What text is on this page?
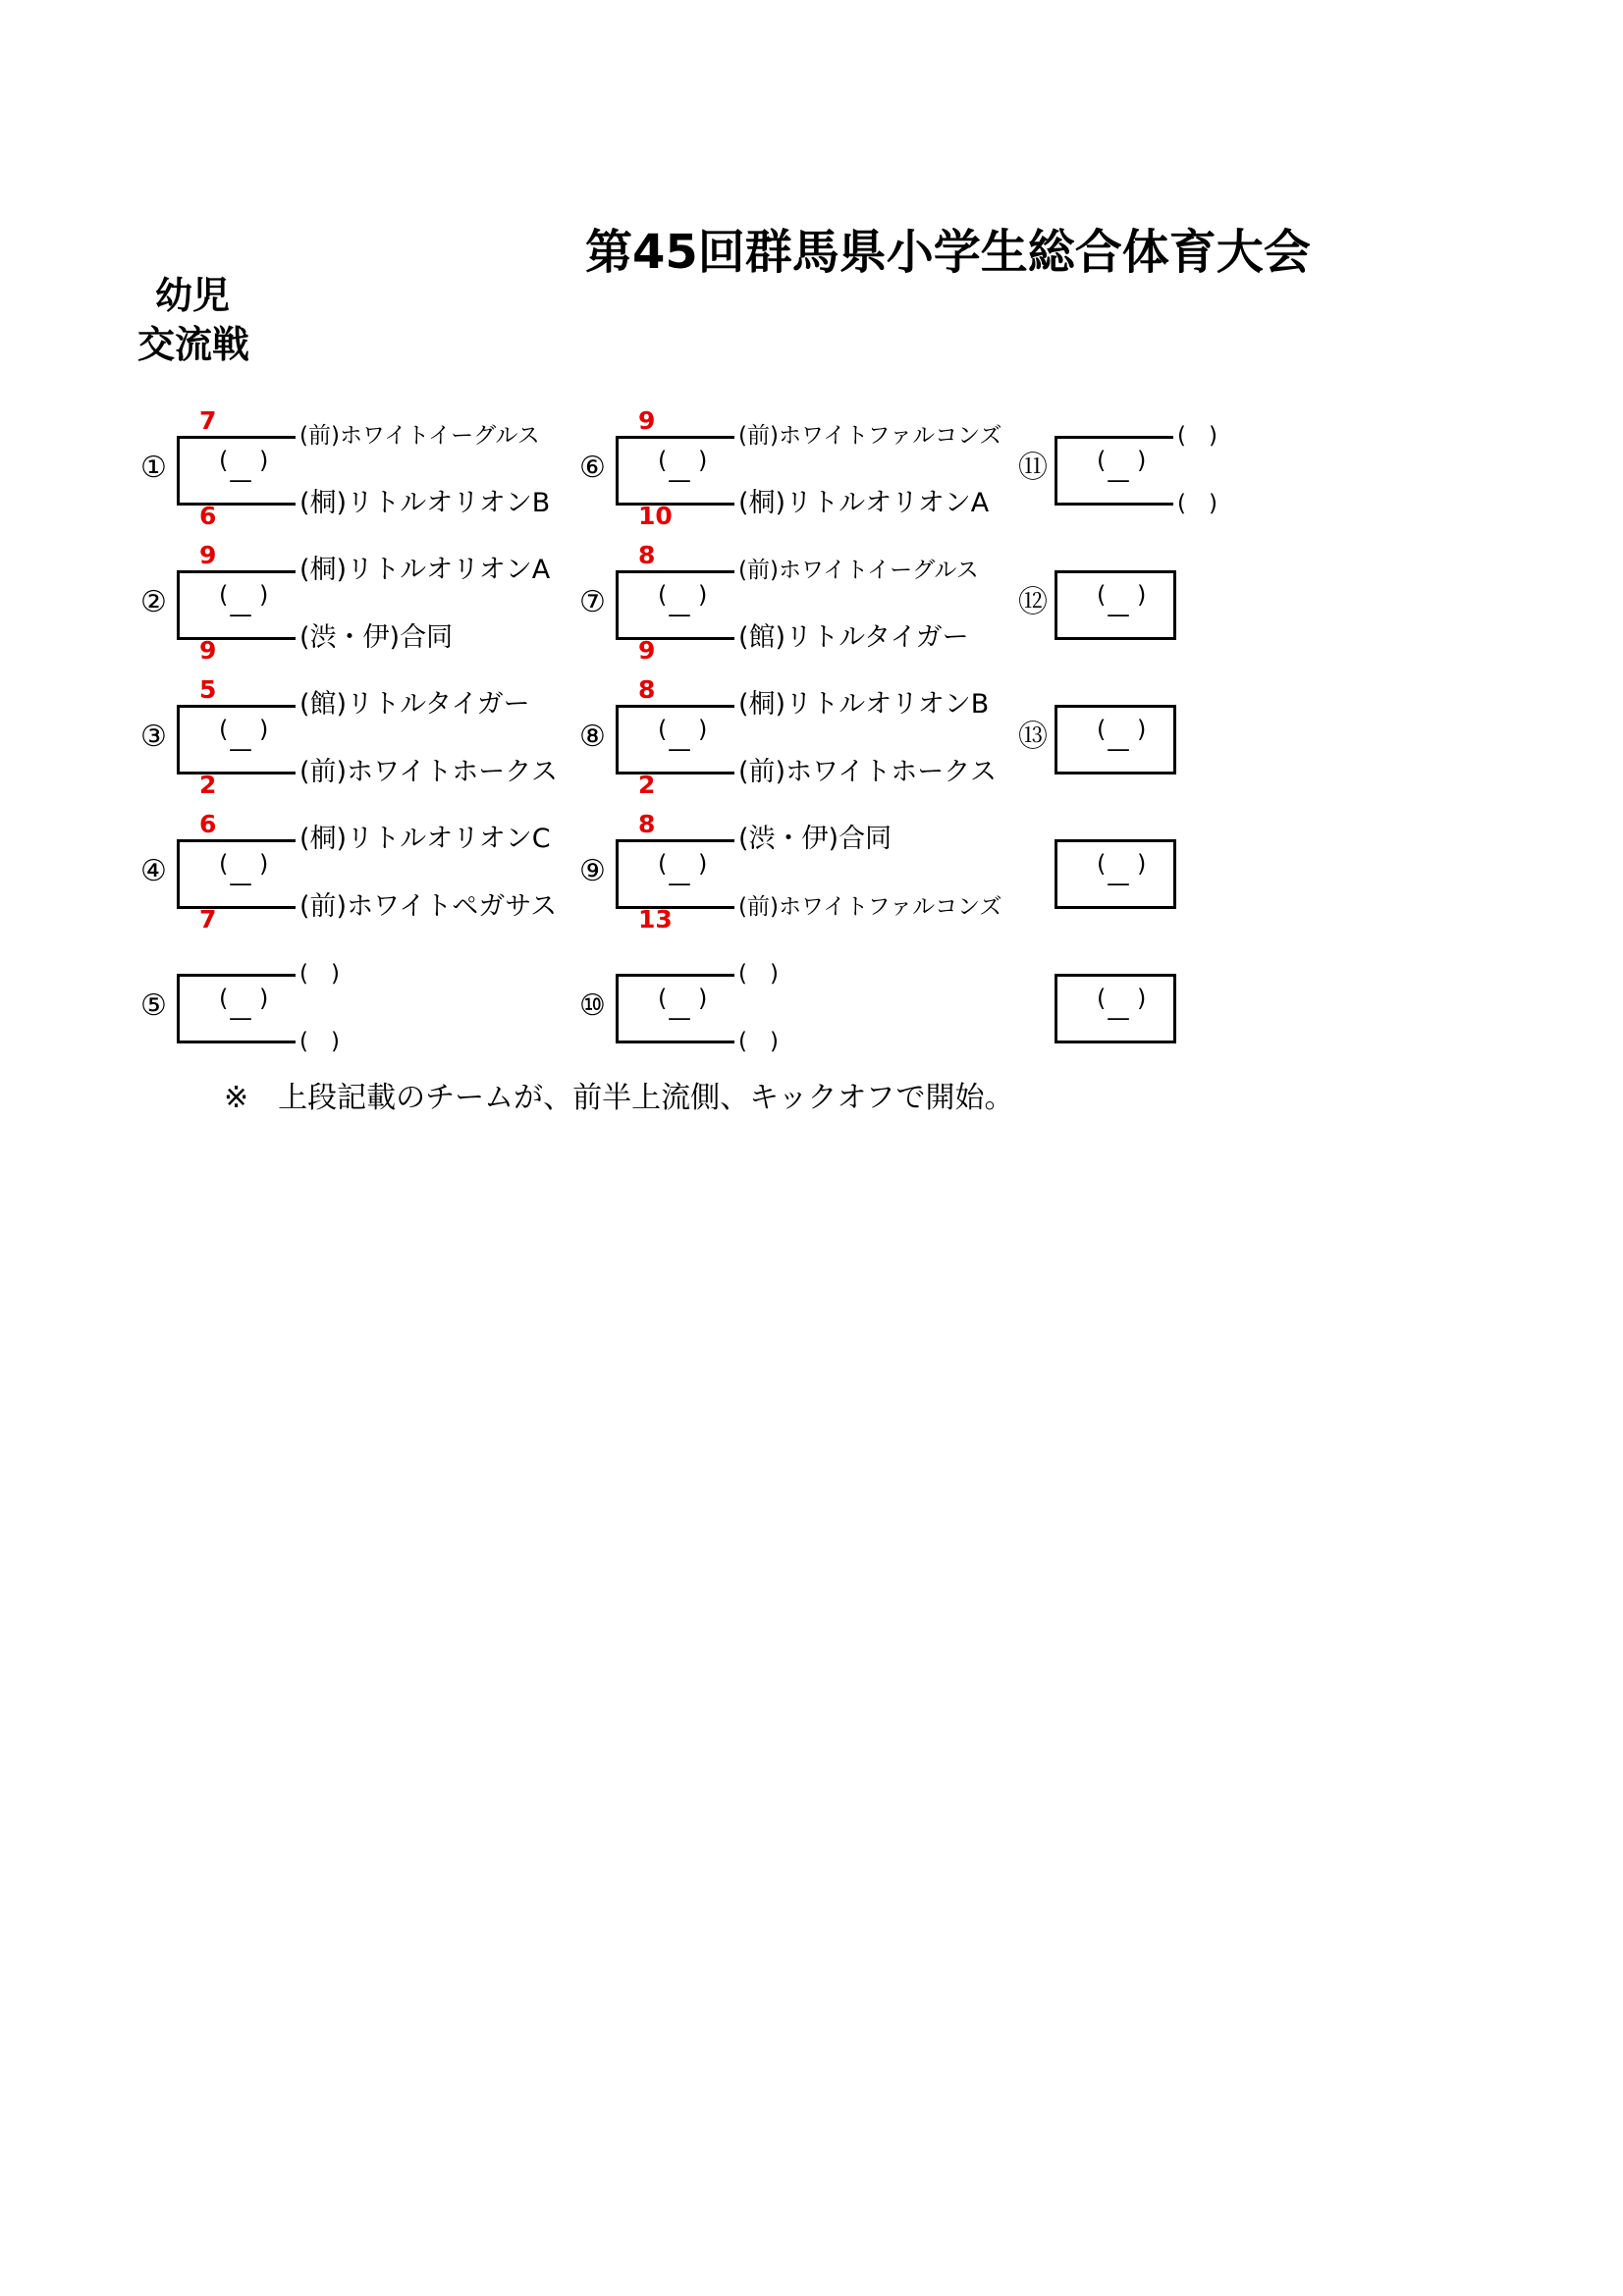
第45回群馬県小学生総合体育大会
幼児
交流戦
① (　 )
—
(前)ホワイトイーグルス
(桐)リトルオリオンB
7
6
② (　 )
—
(桐)リトルオリオンA
(渋・伊)合同
9
9
③ (　 )
—
(館)リトルタイガー
(前)ホワイトホークス
5
2
④ (　 )
—
(桐)リトルオリオンC
(前)ホワイトペガサス
6
7
⑤ (　 )
—
(　)
(　)
⑥ (　 )
—
(前)ホワイトファルコンズ
(桐)リトルオリオンA
9
10
⑦ (　 )
—
(前)ホワイトイーグルス
(館)リトルタイガー
8
9
⑧ (　 )
—
(桐)リトルオリオンB
(前)ホワイトホークス
8
2
⑨ (　 )
—
(渋・伊)合同
(前)ホワイトファルコンズ
8
13
⑩ (　 )
—
(　)
(　)
⑪ (　 )
—
(　)
(　)
⑫ (　 )
—
⑬ (　 )
—
(　 )
—
(　 )
—
※　上段記載のチームが、前半上流側、キックオフで開始。
